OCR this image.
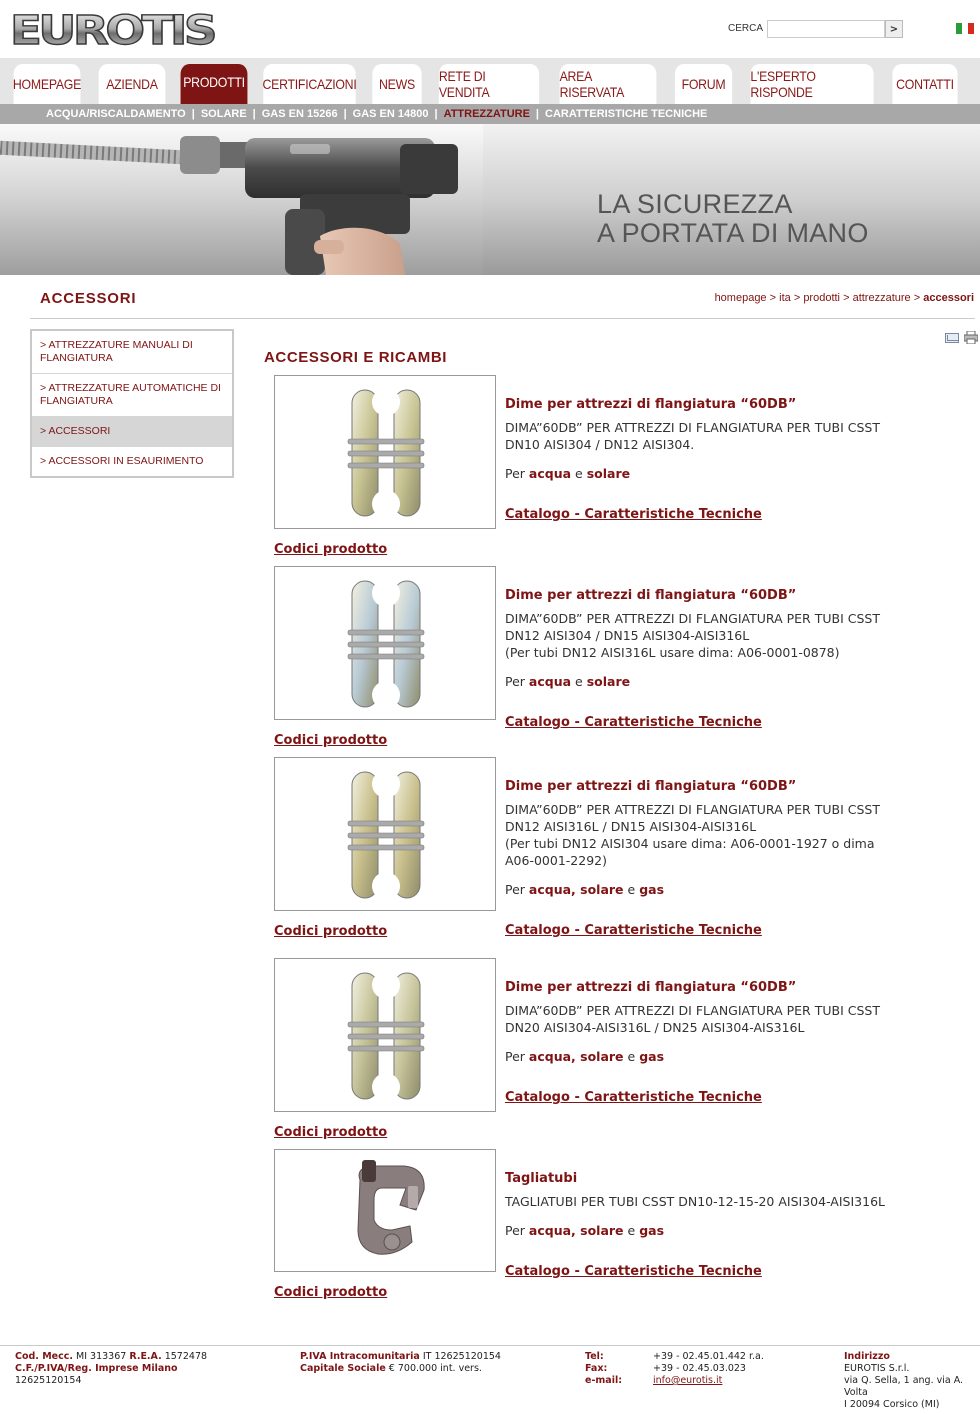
EUROTIS	CERCA	>
HOMEPAGE	AZIENDA	PRODOTTI CERTIFICAZIONI	NEWS	RETE DI VENDITA
AREA RISERVATA	FORUM	L'ESPERTO RISPONDE	CONTATTI
ACQUA/RISCALDAMENTO | SOLARE | GAS EN 15266 | GAS EN 14800 | ATTREZZATURE | CARATTERISTICHE TECNICHE
LA SICUREZZA
A PORTATA DI MANO
ACCESSORI	homepage > ita > prodotti > attrezzature > accessori
> ATTREZZATURE MANUALI DI FLANGIATURA
> ATTREZZATURE AUTOMATICHE DI FLANGIATURA
> ACCESSORI
> ACCESSORI IN ESAURIMENTO
ACCESSORI E RICAMBI
Dime per attrezzi di flangiatura “60DB”
DIMA”60DB” PER ATTREZZI DI FLANGIATURA PER TUBI CSST DN10 AISI304 / DN12 AISI304.
Per acqua e solare
Catalogo - Caratteristiche Tecniche
Codici prodotto
Dime per attrezzi di flangiatura “60DB”
DIMA”60DB” PER ATTREZZI DI FLANGIATURA PER TUBI CSST DN12 AISI304 / DN15 AISI304-AISI316L
(Per tubi DN12 AISI316L usare dima: A06-0001-0878)
Per acqua e solare
Catalogo - Caratteristiche Tecniche
Codici prodotto
Dime per attrezzi di flangiatura “60DB”
DIMA”60DB” PER ATTREZZI DI FLANGIATURA PER TUBI CSST DN12 AISI316L / DN15 AISI304-AISI316L
(Per tubi DN12 AISI304 usare dima: A06-0001-1927 o dima A06-0001-2292)
Per acqua, solare e gas
Catalogo - Caratteristiche Tecniche
Codici prodotto
Dime per attrezzi di flangiatura “60DB”
DIMA”60DB” PER ATTREZZI DI FLANGIATURA PER TUBI CSST DN20 AISI304-AISI316L / DN25 AISI304-AIS316L
Per acqua, solare e gas
Catalogo - Caratteristiche Tecniche
Codici prodotto
Tagliatubi
TAGLIATUBI PER TUBI CSST DN10-12-15-20 AISI304-AISI316L
Per acqua, solare e gas
Catalogo - Caratteristiche Tecniche
Codici prodotto
Cod. Mecc. MI 313367 R.E.A. 1572478
C.F./P.IVA/Reg. Imprese Milano
12625120154
P.IVA Intracomunitaria IT 12625120154
Capitale Sociale € 700.000 int. vers.
Tel:	+39 - 02.45.01.442 r.a.
Fax:	+39 - 02.45.03.023
e-mail:	info@eurotis.it
Indirizzo
EUROTIS S.r.l.
via Q. Sella, 1 ang. via A.
Volta
I 20094 Corsico (MI)
